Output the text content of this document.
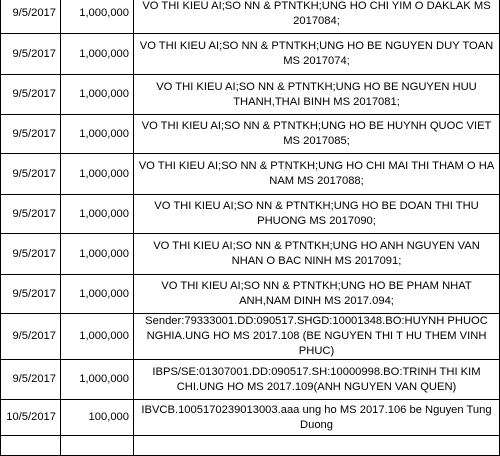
9/5/2017	1,000,000	VO THI KIEU AI;SO NN & PTNTKH;UNG HO CHI YIM O DAKLAK MS 2017084;
9/5/2017	1,000,000	VO THI KIEU AI;SO NN & PTNTKH;UNG HO BE NGUYEN DUY TOAN MS 2017074;
9/5/2017	1,000,000	VO THI KIEU AI;SO NN & PTNTKH;UNG HO BE NGUYEN HUU THANH,THAI BINH MS 2017081;
9/5/2017	1,000,000	VO THI KIEU AI;SO NN & PTNTKH;UNG HO BE HUYNH QUOC VIET MS 2017085;
9/5/2017	1,000,000	VO THI KIEU AI;SO NN & PTNTKH;UNG HO CHI MAI THI THAM O HA NAM MS 2017088;
9/5/2017	1,000,000	VO THI KIEU AI;SO NN & PTNTKH;UNG HO BE DOAN THI THU PHUONG MS 2017090;
9/5/2017	1,000,000	VO THI KIEU AI;SO NN & PTNTKH;UNG HO ANH NGUYEN VAN NHAN O BAC NINH MS 2017091;
9/5/2017	1,000,000	VO THI KIEU AI;SO NN & PTNTKH;UNG HO BE PHAM NHAT ANH,NAM DINH MS 2017.094;
9/5/2017	1,000,000	Sender:79333001.DD:090517.SHGD:10001348.BO:HUYNH PHUOC NGHIA.UNG HO MS 2017.108 (BE NGUYEN THI T HU THEM VINH PHUC)
9/5/2017	1,000,000	IBPS/SE:01307001.DD:090517.SH:10000998.BO:TRINH THI KIM CHI.UNG HO MS 2017.109(ANH NGUYEN VAN QUEN)
10/5/2017	100,000	IBVCB.1005170239013003.aaa ung ho MS 2017.106 be Nguyen Tung Duong
